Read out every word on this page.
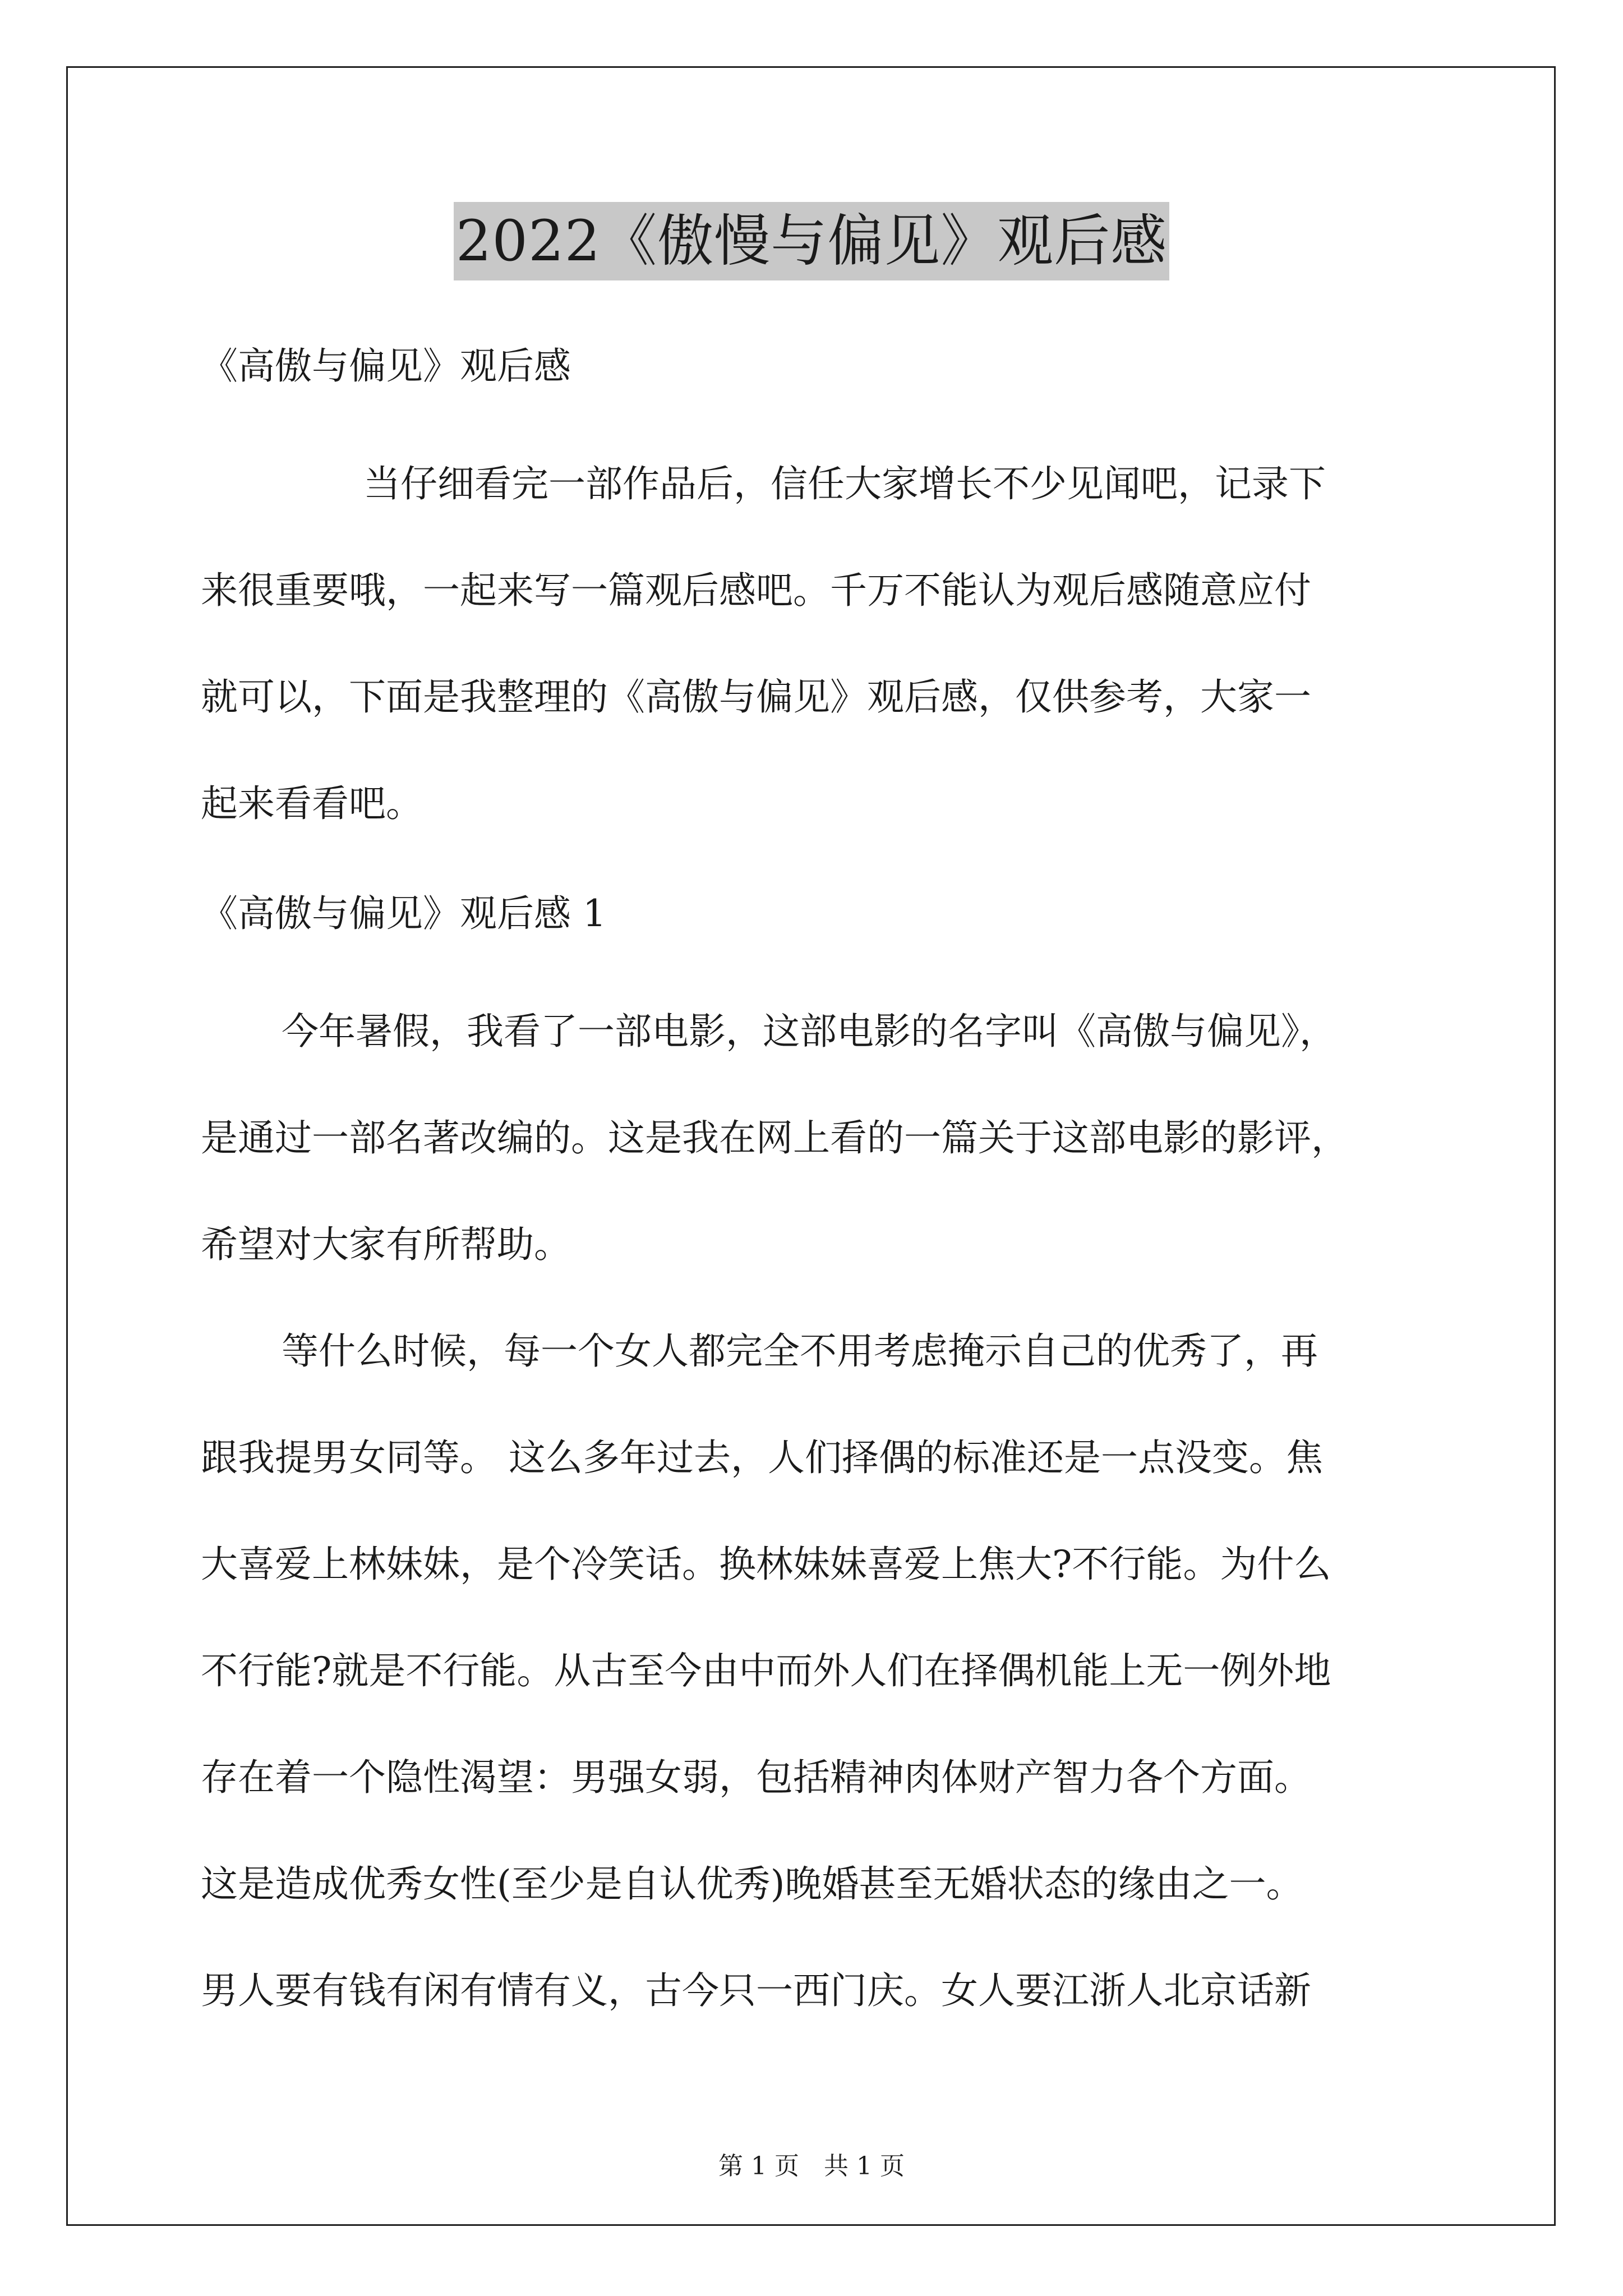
2022《傲慢与偏见》观后感
《高傲与偏见》观后感
当仔细看完一部作品后，信任大家增长不少见闻吧，记录下
来很重要哦，一起来写一篇观后感吧。千万不能认为观后感随意应付
就可以，下面是我整理的《高傲与偏见》观后感，仅供参考，大家一
起来看看吧。
《高傲与偏见》观后感 1
今年暑假，我看了一部电影，这部电影的名字叫《高傲与偏见》，
是通过一部名著改编的。这是我在网上看的一篇关于这部电影的影评，
希望对大家有所帮助。
等什么时候，每一个女人都完全不用考虑掩示自己的优秀了，再
跟我提男女同等。 这么多年过去，人们择偶的标准还是一点没变。焦
大喜爱上林妹妹，是个冷笑话。换林妹妹喜爱上焦大?不行能。为什么
不行能?就是不行能。从古至今由中而外人们在择偶机能上无一例外地
存在着一个隐性渴望：男强女弱，包括精神肉体财产智力各个方面。
这是造成优秀女性(至少是自认优秀)晚婚甚至无婚状态的缘由之一。
男人要有钱有闲有情有义，古今只一西门庆。女人要江浙人北京话新
第 1 页　共 1 页
